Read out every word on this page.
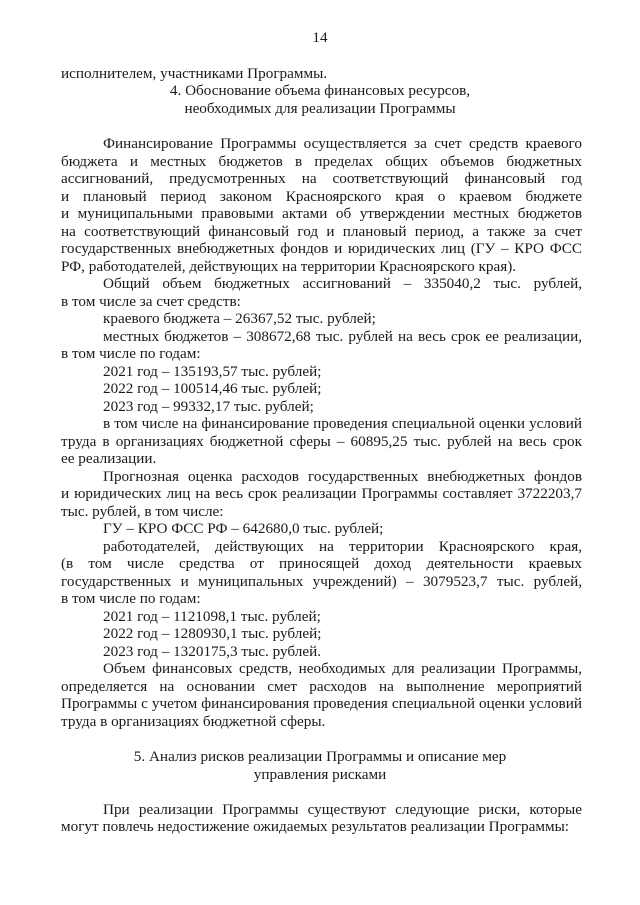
14
исполнителем, участниками Программы.
4. Обоснование объема финансовых ресурсов,
необходимых для реализации Программы
Финансирование Программы осуществляется за счет средств краевого
бюджета и местных бюджетов в пределах общих объемов бюджетных
ассигнований, предусмотренных на соответствующий финансовый год
и плановый период законом Красноярского края о краевом бюджете
и муниципальными правовыми актами об утверждении местных бюджетов
на соответствующий финансовый год и плановый период, а также за счет
государственных внебюджетных фондов и юридических лиц (ГУ – КРО ФСС
РФ, работодателей, действующих на территории Красноярского края).
Общий объем бюджетных ассигнований – 335040,2 тыс. рублей,
в том числе за счет средств:
краевого бюджета – 26367,52 тыс. рублей;
местных бюджетов – 308672,68 тыс. рублей на весь срок ее реализации,
в том числе по годам:
2021 год – 135193,57 тыс. рублей;
2022 год – 100514,46 тыс. рублей;
2023 год – 99332,17 тыс. рублей;
в том числе на финансирование проведения специальной оценки условий
труда в организациях бюджетной сферы – 60895,25 тыс. рублей на весь срок
ее реализации.
Прогнозная оценка расходов государственных внебюджетных фондов
и юридических лиц на весь срок реализации Программы составляет 3722203,7
тыс. рублей, в том числе:
ГУ – КРО ФСС РФ – 642680,0 тыс. рублей;
работодателей, действующих на территории Красноярского края,
(в том числе средства от приносящей доход деятельности краевых
государственных и муниципальных учреждений) – 3079523,7 тыс. рублей,
в том числе по годам:
2021 год – 1121098,1 тыс. рублей;
2022 год – 1280930,1 тыс. рублей;
2023 год – 1320175,3 тыс. рублей.
Объем финансовых средств, необходимых для реализации Программы,
определяется на основании смет расходов на выполнение мероприятий
Программы с учетом финансирования проведения специальной оценки условий
труда в организациях бюджетной сферы.
5. Анализ рисков реализации Программы и описание мер
управления рисками
При реализации Программы существуют следующие риски, которые
могут повлечь недостижение ожидаемых результатов реализации Программы:
